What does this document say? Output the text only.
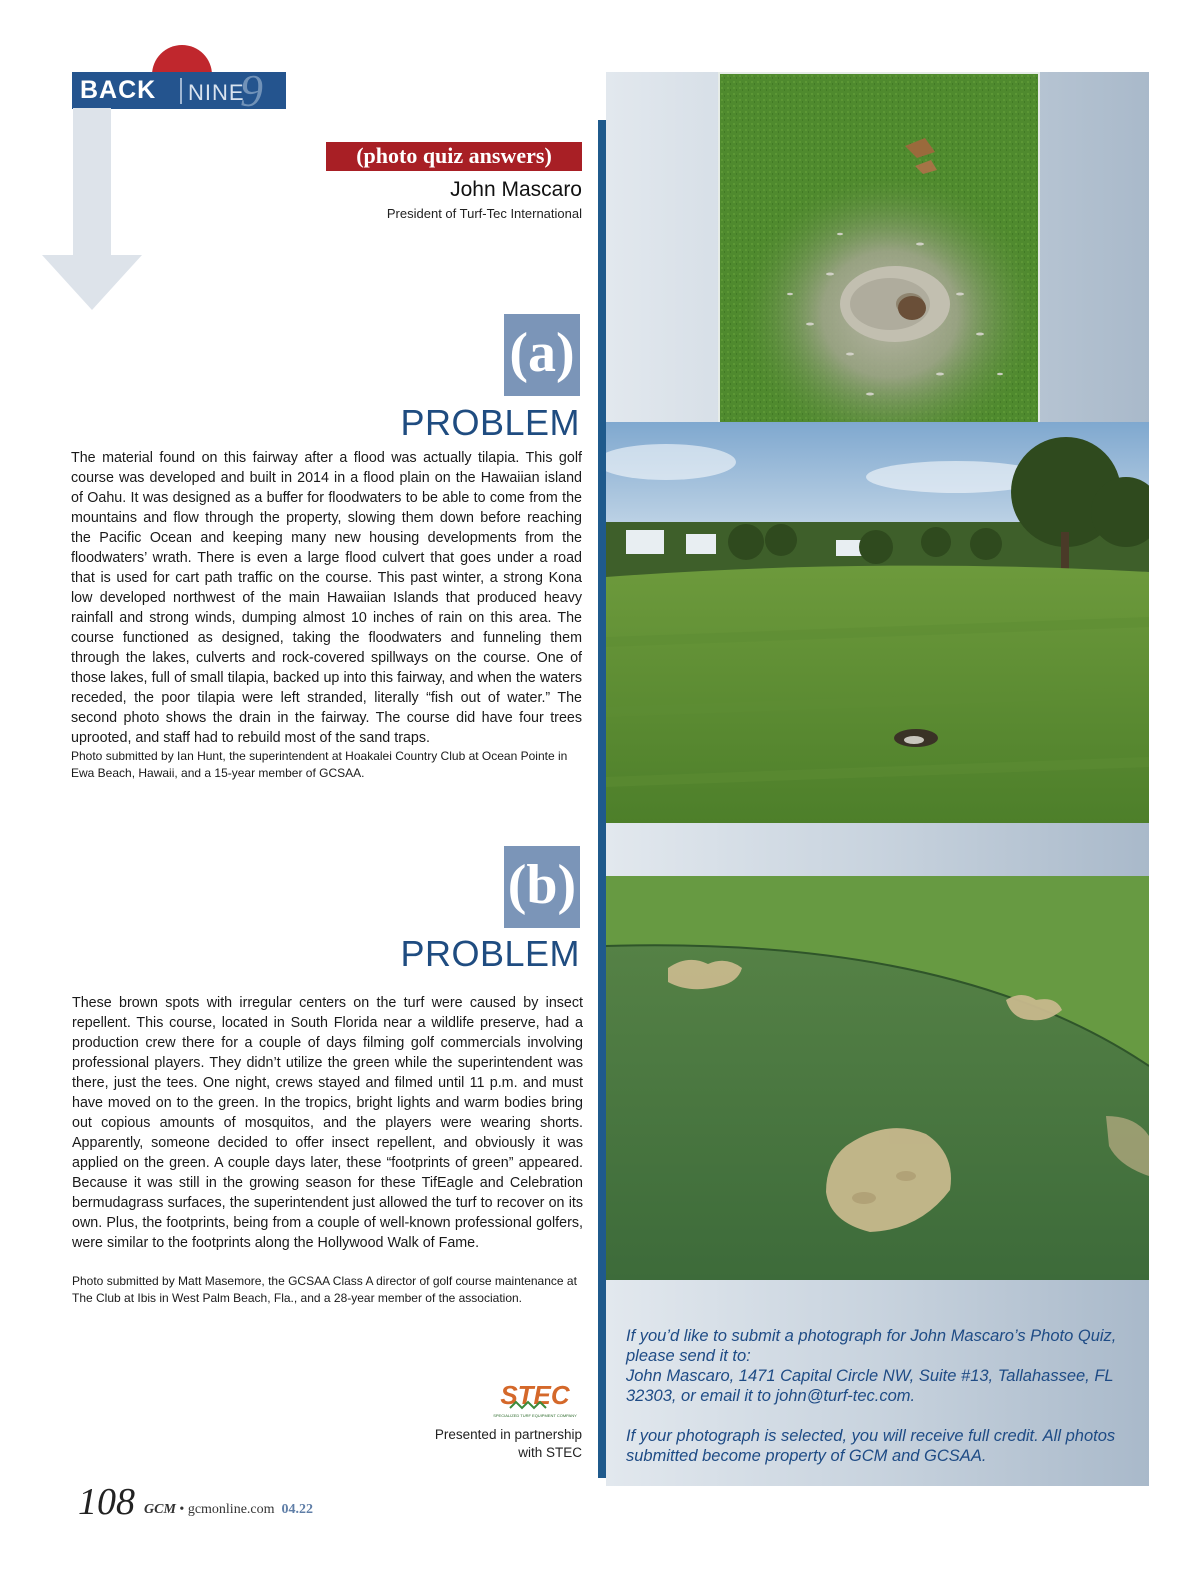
BACK NINE
9
(photo quiz answers)
John Mascaro
President of Turf-Tec International
(a)
PROBLEM
The material found on this fairway after a flood was actually tilapia. This golf course was developed and built in 2014 in a flood plain on the Hawaiian island of Oahu. It was designed as a buffer for floodwaters to be able to come from the mountains and flow through the property, slowing them down before reaching the Pacific Ocean and keeping many new housing developments from the floodwaters’ wrath. There is even a large flood culvert that goes under a road that is used for cart path traffic on the course. This past winter, a strong Kona low developed northwest of the main Hawaiian Islands that produced heavy rainfall and strong winds, dumping almost 10 inches of rain on this area. The course functioned as designed, taking the floodwaters and funneling them through the lakes, culverts and rock-covered spillways on the course. One of those lakes, full of small tilapia, backed up into this fairway, and when the waters receded, the poor tilapia were left stranded, literally “fish out of water.” The second photo shows the drain in the fairway. The course did have four trees uprooted, and staff had to rebuild most of the sand traps.
Photo submitted by Ian Hunt, the superintendent at Hoakalei Country Club at Ocean Pointe in Ewa Beach, Hawaii, and a 15-year member of GCSAA.
(b)
PROBLEM
These brown spots with irregular centers on the turf were caused by insect repellent. This course, located in South Florida near a wildlife preserve, had a production crew there for a couple of days filming golf commercials involving professional players. They didn’t utilize the green while the superintendent was there, just the tees. One night, crews stayed and filmed until 11 p.m. and must have moved on to the green. In the tropics, bright lights and warm bodies bring out copious amounts of mosquitos, and the players were wearing shorts. Apparently, someone decided to offer insect repellent, and obviously it was applied on the green. A couple days later, these “footprints of green” appeared. Because it was still in the growing season for these TifEagle and Celebration bermudagrass surfaces, the superintendent just allowed the turf to recover on its own. Plus, the footprints, being from a couple of well-known professional golfers, were similar to the footprints along the Hollywood Walk of Fame.
Photo submitted by Matt Masemore, the GCSAA Class A director of golf course maintenance at The Club at Ibis in West Palm Beach, Fla., and a 28-year member of the association.
If you’d like to submit a photograph for John Mascaro’s Photo Quiz, please send it to:
John Mascaro, 1471 Capital Circle NW, Suite #13, Tallahassee, FL 32303, or email it to john@turf-tec.com.
If your photograph is selected, you will receive full credit. All photos submitted become property of GCM and GCSAA.
STEC
SPECIALIZED TURF EQUIPMENT COMPANY
Presented in partnership
with STEC
108 GCM • gcmonline.com 04.22
